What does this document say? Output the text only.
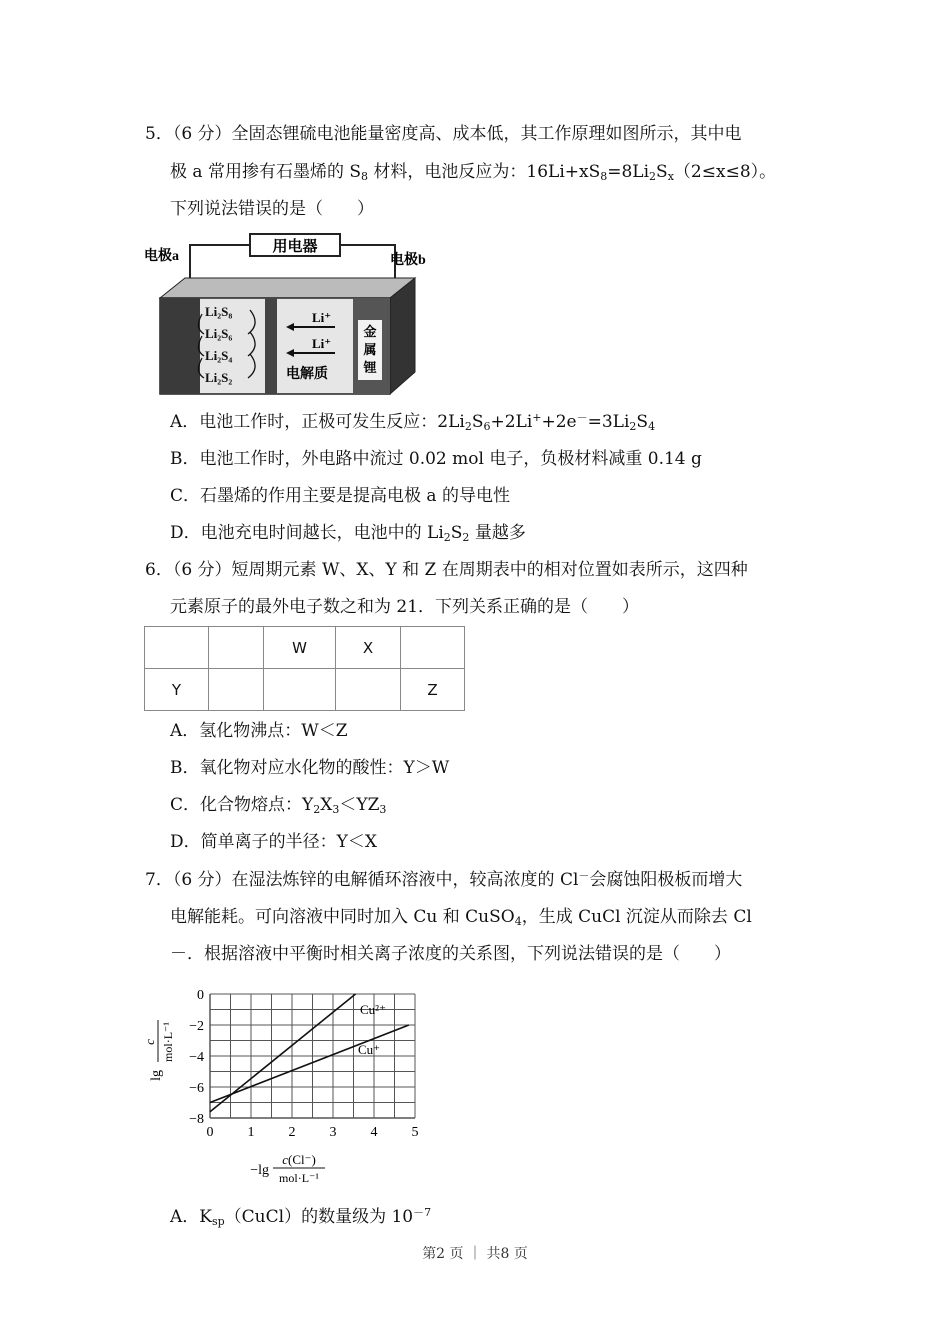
5．（6 分）全固态锂硫电池能量密度高、成本低，其工作原理如图所示，其中电
极 a 常用掺有石墨烯的 $S_8$ 材料，电池反应为：$16Li+xS_8=8Li_2S_x(2\le x\le 8)$。
下列说法错误的是（　　）
用电器
电极a	电极b
Li₂S₈
Li₂S₆
Li₂S₄
Li₂S₂
Li⁺
Li⁺
电解质
金
属
锂
A．电池工作时，正极可发生反应：$2Li_2S_6+2Li^++2e^-=3Li_2S_4$
B．电池工作时，外电路中流过 0.02 mol 电子，负极材料减重 0.14 g
C．石墨烯的作用主要是提高电极 a 的导电性
D．电池充电时间越长，电池中的 $Li_2S_2$ 量越多
6．（6 分）短周期元素 W、X、Y 和 Z 在周期表中的相对位置如表所示，这四种
元素原子的最外电子数之和为 21．下列关系正确的是（　　）
		W	X	
Y				Z
A．氢化物沸点：W＜Z
B．氧化物对应水化物的酸性：Y＞W
C．化合物熔点：$Y_2X_3<YZ_3$
D．简单离子的半径：Y＜X
7．（6 分）在湿法炼锌的电解循环溶液中，较高浓度的 Cl－会腐蚀阳极板而增大
电解能耗。可向溶液中同时加入 Cu 和 CuSO$_4$，生成 CuCl 沉淀从而除去 Cl
－．根据溶液中平衡时相关离子浓度的关系图，下列说法错误的是（　　）
0
−2
−4
−6
−8
0 1 2 3 4 5
Cu²⁺
Cu⁺
lg
c mol·L⁻¹
−lg
c(Cl⁻)
mol·L⁻¹
A．$K_{sp}(CuCl)$的数量级为 $10^{-7}$
第2 页 ｜ 共8 页
